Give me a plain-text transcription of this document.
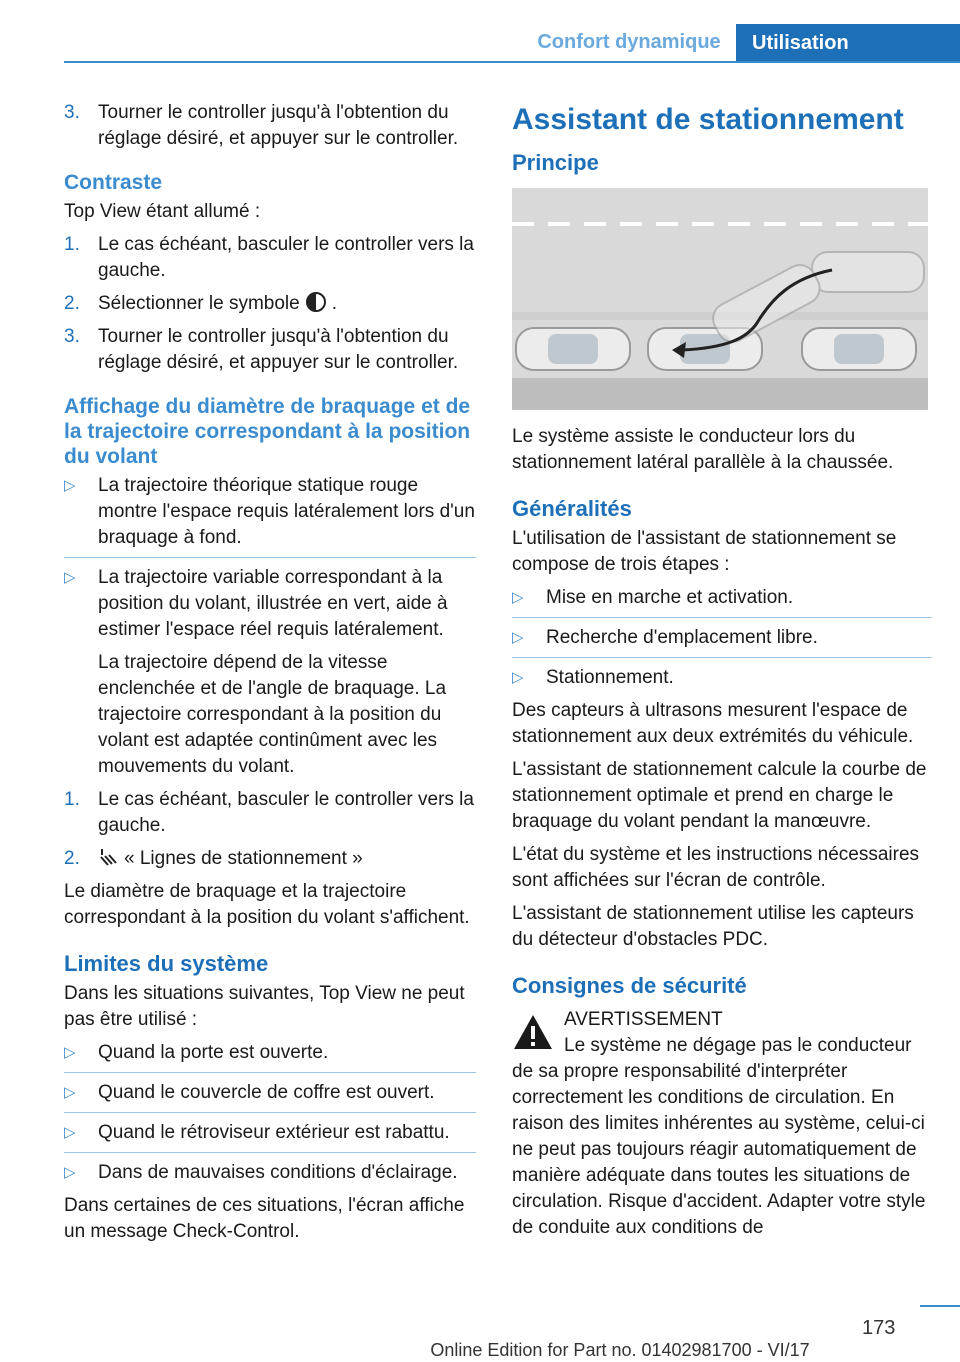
Confort dynamique	Utilisation
3. Tourner le controller jusqu'à l'obtention du réglage désiré, et appuyer sur le controller.
Contraste

Top View étant allumé :

1. Le cas échéant, basculer le controller vers la gauche.
2. Sélectionner le symbole .
3. Tourner le controller jusqu'à l'obtention du réglage désiré, et appuyer sur le controller.
Affichage du diamètre de braquage et de la trajectoire correspondant à la position du volant
▷ La trajectoire théorique statique rouge montre l'espace requis latéralement lors d'un braquage à fond.
▷ La trajectoire variable correspondant à la position du volant, illustrée en vert, aide à estimer l'espace réel requis latéralement.
La trajectoire dépend de la vitesse enclenchée et de l'angle de braquage. La trajectoire correspondant à la position du volant est adaptée continûment avec les mouvements du volant.
1. Le cas échéant, basculer le controller vers la gauche.
2. « Lignes de stationnement »

Le diamètre de braquage et la trajectoire correspondant à la position du volant s'affichent.

Limites du système

Dans les situations suivantes, Top View ne peut pas être utilisé :

▷ Quand la porte est ouverte.
▷ Quand le couvercle de coffre est ouvert.
▷ Quand le rétroviseur extérieur est rabattu.
▷ Dans de mauvaises conditions d'éclairage.

Dans certaines de ces situations, l'écran affiche un message Check-Control.

Assistant de stationnement
Principe

Le système assiste le conducteur lors du stationnement latéral parallèle à la chaussée.

Généralités

L'utilisation de l'assistant de stationnement se compose de trois étapes :

▷ Mise en marche et activation.
▷ Recherche d'emplacement libre.
▷ Stationnement.

Des capteurs à ultrasons mesurent l'espace de stationnement aux deux extrémités du véhicule.

L'assistant de stationnement calcule la courbe de stationnement optimale et prend en charge le braquage du volant pendant la manœuvre.

L'état du système et les instructions nécessaires sont affichées sur l'écran de contrôle.

L'assistant de stationnement utilise les capteurs du détecteur d'obstacles PDC.

Consignes de sécurité
AVERTISSEMENT
Le système ne dégage pas le conducteur de sa propre responsabilité d'interpréter correctement les conditions de circulation. En raison des limites inhérentes au système, celui-ci ne peut pas toujours réagir automatiquement de manière adéquate dans toutes les situations de circulation. Risque d'accident. Adapter votre style de conduite aux conditions de
173
Online Edition for Part no. 01402981700 - VI/17
